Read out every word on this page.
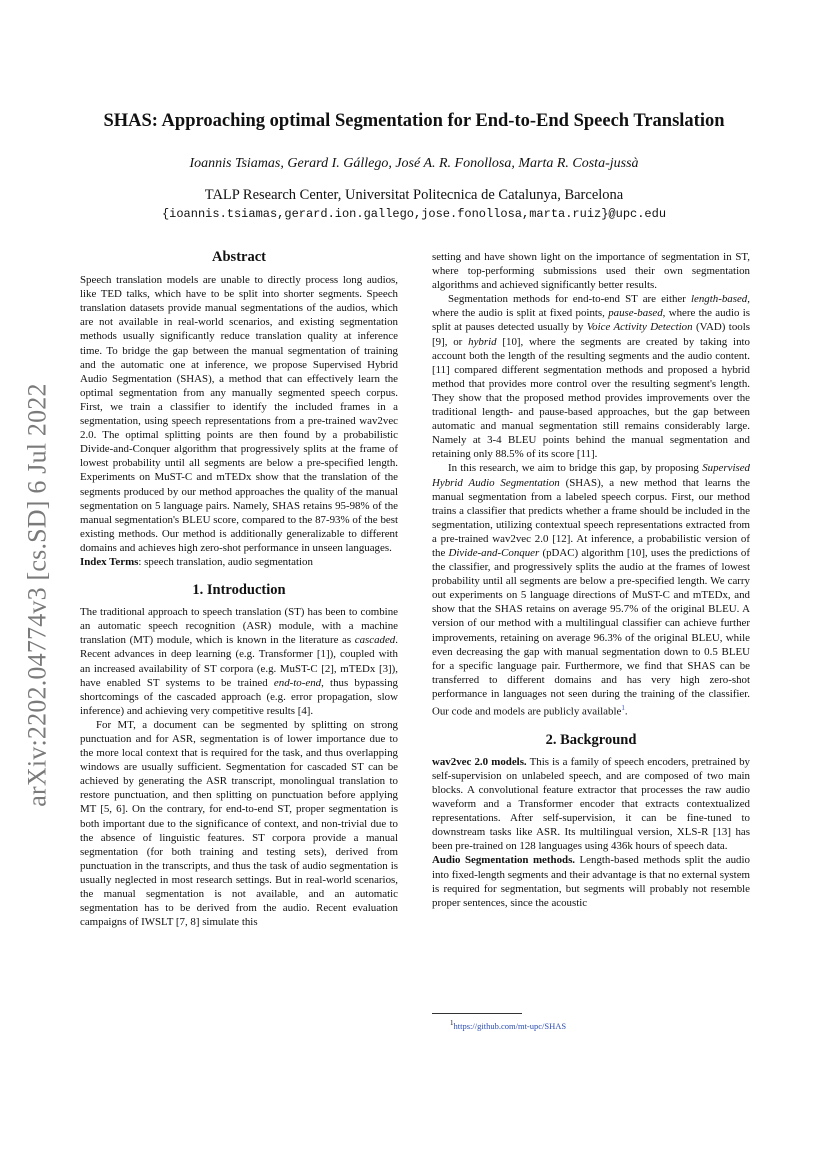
arXiv:2202.04774v3 [cs.SD] 6 Jul 2022
SHAS: Approaching optimal Segmentation for End-to-End Speech Translation
Ioannis Tsiamas, Gerard I. Gállego, José A. R. Fonollosa, Marta R. Costa-jussà
TALP Research Center, Universitat Politecnica de Catalunya, Barcelona
{ioannis.tsiamas,gerard.ion.gallego,jose.fonollosa,marta.ruiz}@upc.edu
Abstract

Speech translation models are unable to directly process long audios, like TED talks, which have to be split into shorter segments. Speech translation datasets provide manual segmentations of the audios, which are not available in real-world scenarios, and existing segmentation methods usually significantly reduce translation quality at inference time. To bridge the gap between the manual segmentation of training and the automatic one at inference, we propose Supervised Hybrid Audio Segmentation (SHAS), a method that can effectively learn the optimal segmentation from any manually segmented speech corpus. First, we train a classifier to identify the included frames in a segmentation, using speech representations from a pre-trained wav2vec 2.0. The optimal splitting points are then found by a probabilistic Divide-and-Conquer algorithm that progressively splits at the frame of lowest probability until all segments are below a pre-specified length. Experiments on MuST-C and mTEDx show that the translation of the segments produced by our method approaches the quality of the manual segmentation on 5 language pairs. Namely, SHAS retains 95-98% of the manual segmentation's BLEU score, compared to the 87-93% of the best existing methods. Our method is additionally generalizable to different domains and achieves high zero-shot performance in unseen languages.

Index Terms: speech translation, audio segmentation

1. Introduction

The traditional approach to speech translation (ST) has been to combine an automatic speech recognition (ASR) module, with a machine translation (MT) module, which is known in the literature as cascaded. Recent advances in deep learning (e.g. Transformer [1]), coupled with an increased availability of ST corpora (e.g. MuST-C [2], mTEDx [3]), have enabled ST systems to be trained end-to-end, thus bypassing shortcomings of the cascaded approach (e.g. error propagation, slow inference) and achieving very competitive results [4].

For MT, a document can be segmented by splitting on strong punctuation and for ASR, segmentation is of lower importance due to the more local context that is required for the task, and thus overlapping windows are usually sufficient. Segmentation for cascaded ST can be achieved by generating the ASR transcript, monolingual translation to restore punctuation, and then splitting on punctuation before applying MT [5, 6]. On the contrary, for end-to-end ST, proper segmentation is both important due to the significance of context, and non-trivial due to the absence of linguistic features. ST corpora provide a manual segmentation (for both training and testing sets), derived from punctuation in the transcripts, and thus the task of audio segmentation is usually neglected in most research settings. But in real-world scenarios, the manual segmentation is not available, and an automatic segmentation has to be derived from the audio. Recent evaluation campaigns of IWSLT [7, 8] simulate this

setting and have shown light on the importance of segmentation in ST, where top-performing submissions used their own segmentation algorithms and achieved significantly better results.

Segmentation methods for end-to-end ST are either length-based, where the audio is split at fixed points, pause-based, where the audio is split at pauses detected usually by Voice Activity Detection (VAD) tools [9], or hybrid [10], where the segments are created by taking into account both the length of the resulting segments and the audio content. [11] compared different segmentation methods and proposed a hybrid method that provides more control over the resulting segment's length. They show that the proposed method provides improvements over the traditional length- and pause-based approaches, but the gap between automatic and manual segmentation still remains considerably large. Namely at 3-4 BLEU points behind the manual segmentation and retaining only 88.5% of its score [11].

In this research, we aim to bridge this gap, by proposing Supervised Hybrid Audio Segmentation (SHAS), a new method that learns the manual segmentation from a labeled speech corpus. First, our method trains a classifier that predicts whether a frame should be included in the segmentation, utilizing contextual speech representations extracted from a pre-trained wav2vec 2.0 [12]. At inference, a probabilistic version of the Divide-and-Conquer (pDAC) algorithm [10], uses the predictions of the classifier, and progressively splits the audio at the frames of lowest probability until all segments are below a pre-specified length. We carry out experiments on 5 language directions of MuST-C and mTEDx, and show that the SHAS retains on average 95.7% of the original BLEU. A version of our method with a multilingual classifier can achieve further improvements, retaining on average 96.3% of the original BLEU, while even decreasing the gap with manual segmentation down to 0.5 BLEU for a specific language pair. Furthermore, we find that SHAS can be transferred to different domains and has very high zero-shot performance in languages not seen during the training of the classifier. Our code and models are publicly available$^1$.

2. Background

wav2vec 2.0 models. This is a family of speech encoders, pretrained by self-supervision on unlabeled speech, and are composed of two main blocks. A convolutional feature extractor that processes the raw audio waveform and a Transformer encoder that extracts contextualized representations. After self-supervision, it can be fine-tuned to downstream tasks like ASR. Its multilingual version, XLS-R [13] has been pre-trained on 128 languages using 436k hours of speech data.

Audio Segmentation methods. Length-based methods split the audio into fixed-length segments and their advantage is that no external system is required for segmentation, but segments will probably not resemble proper sentences, since the acoustic

$^1$https://github.com/mt-upc/SHAS
